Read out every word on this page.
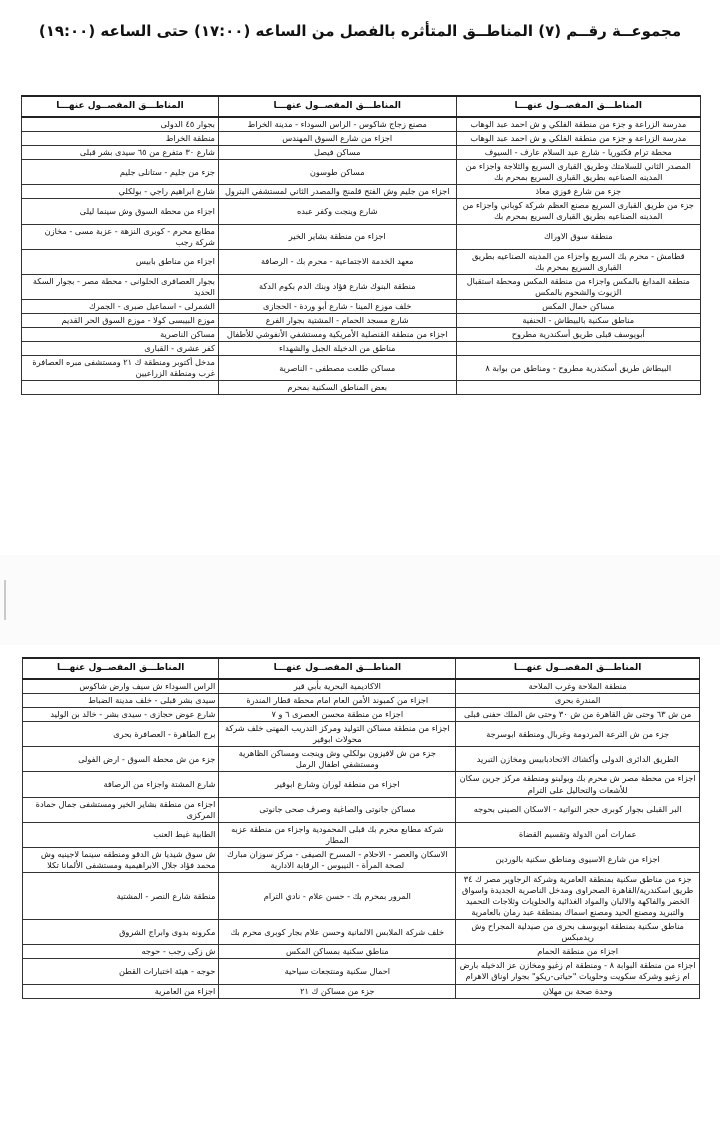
مجموعــة رقــم (٧) المناطــق المتأثره بالفصل من الساعه (١٧:٠٠) حتى الساعه (١٩:٠٠)
المناطـــق المفصــول عنهـــا	المناطـــق المفصــول عنهـــا	المناطـــق المفصــول عنهـــا
مدرسة الزراعة و جزء من منطقة الفلكي و ش احمد عبد الوهاب	مصنع زجاج شاكوس - الراس السوداء - مدينة الخراط	بجوار ٤٥ الدولى
مدرسة الزراعة و جزء من منطقة الفلكي و ش احمد عبد الوهاب	اجزاء من شارع السوق المهندس	منطقة الخراط
محطة ترام فكتوريا - شارع عبد السلام عارف - السيوف	مساكن فيصل	شارع ٣٠ متفرع من ٦٥ سيدى بشر قبلى
المصدر الثاني للسلامتك وطريق القبارى السريع والثلاجة واجزاء من المدينه الصناعيه بطريق القبارى السريع بمحرم بك	مساكن طوسون	جزء من جليم - ستانلى جليم
جزء من شارع فوزي معاذ	اجزاء من جليم وش الفتح قلمنج والمصدر الثاني لمستشفي البترول	شارع ابراهيم راجي - بولكلي
جزء من طريق القبارى السريع مصنع العظم شركة كوباني واجزاء من المدينه الصناعيه بطريق القبارى السريع بمحرم بك	شارع وينجت وكفر عبده	اجزاء من محطة السوق وش سينما ليلى
منطقة سوق الاوراك	اجزاء من منطقة بشاير الخير	مطابع محرم - كوبرى النزهة - عزبة مسى - مخازن شركة رجب
قطامش - محرم بك السريع واجزاء من المدينه الصناعيه بطريق القبارى السريع بمحرم بك	معهد الخدمة الاجتماعية - محرم بك - الرصافة	اجزاء من مناطق بابيس
منطقة المدابغ بالمكس واجزاء من منطقة المكس ومحطة استقبال الزيوت والشحوم بالمكس	منطقة البنوك شارع فؤاد وبنك الدم بكوم الدكة	بجوار العصافرى الحلوانى - محطة مصر - بجوار السكة الحديد
مساكن حمال المكس	خلف موزع المينا - شارع أبو وردة - الحجازى	الشمرلى - اسماعيل صبرى - الجمرك
مناطق سكنية بالبيطاش - الحنفية	شارع مسجد الحمام - المشتية بجوار الفرع	موزع البيبسى كولا - موزع السوق الحر القديم
أبويوسف قبلى طريق أسكندرية مطروح	اجزاء من منطقة القنصلية الأمريكية ومستشفي الأنفوشي للأطفال	مساكن الناصرية
	مناطق من الدخيلة الجبل والشهداء	كفر عشرى - القبارى
البيطاش طريق أسكندرية مطروح - ومناطق من بوابة ٨	مساكن طلعت مصطفى - الناصرية	مدخل أكتوبر ومنطقة ك ٢١ ومستشفى مبره العصافرة غرب ومنطقة الزراعيين
	بعض المناطق السكنية بمحرم	
المناطـــق المفصــول عنهـــا	المناطـــق المفصــول عنهـــا	المناطـــق المفصــول عنهـــا
منطقة الملاحة وغرب الملاحة	الاكاديمية البحرية بأبي قير	الراس السوداء ش سيف وارض شاكوس
المندرة بحرى	اجزاء من كمبوند الأمن العام امام محطة قطار المندرة	سيدى بشر قبلى - خلف مدينة الضباط
من ش ٦٣ وحتى ش القاهرة من ش ٣٠ وحتى ش الملك حفنى قبلى	اجزاء من منطقة محسن العصرى ٦ و ٧	شارع عوض حجازى - سيدى بشر - خالد بن الوليد
جزء من ش الترعة المردومة وغربال ومنطقة ابوسرجة	اجزاء من منطقة مساكن التوليد ومركز التدريب المهنى خلف شركة محولات ابوقير	برج الطاهرة - العصافرة بحرى
الطريق الدائرى الدولى وأكشاك الاتحادبابيس ومخازن التبريد	جزء من ش لافيزون بولكلي وش وينجت ومساكن الظاهرية ومستشفي اطفال الرمل	جزء من ش محطة السوق - ارض الفولى
اجزاء من محطة مصر ش محرم بك وبولبنو ومنطقة مركز جرين سكان للأشعات والتحاليل على الترام	اجزاء من منطقة لوران وشارع ابوقير	شارع المشتة واجزاء من الرصافة
البر القبلى بجوار كوبرى حجر النواتية - الاسكان الصينى بحوجه	مساكن جانوتى والصاغية وصرف صحى جانوتى	اجزاء من منطقة بشاير الخير ومستشفى جمال حمادة المركزى
عمارات أمن الدولة وتقسيم القضاة	شركة مطابع محرم بك قبلى المحمودية واجزاء من منطقة عزبه المطار	الطابية غيط العنب
اجزاء من شارع الاسيوى ومناطق سكنية بالوردين	الاسكان والعصر - الاحلام - المسرح الصيفى - مركز سوزان مبارك لصحة المرأة - النيبوس - الرقابة الادارية	ش سوق شيديا ش الدقو ومنطقه سينما لاجينيه وش محمد فؤاد جلال الابراهيمية ومستشفى الألمانا تكلا
جزء من مناطق سكنية بمنطقة العامرية وشركة الرجاوير مصر ك ٣٤ طريق اسكندرية/القاهرة الصحراوى ومدخل الناصرية الجديدة واسواق الخضر والفاكهة والالبان والمواد الغذائية والحلويات وثلاجات التحميد والتبريد ومصنع الحيد ومصنع اسماك بمنطقة عبد رمان بالعامرية	المرور بمحرم بك - حسن علام - نادي الترام	منطقة شارع النصر - المشتية
مناطق سكنية بمنطقة ابويوسف بحرى من صيدلية المجراح وش ريدمبكس	خلف شركة الملابس الالمانية وحسن علام بجار كوبرى محرم بك	مكرونه بدوى وابراج الشروق
اجزاء من منطقة الحمام	مناطق سكنية بمساكن المكس	ش زكى رجب - حوجه
اجزاء من منطقة البوابة ٨ - ومنطقة ام زغيو ومخازن عز الدخيله بارض ام زغيو وشركة سكويت وحلويات "حياتى-ريكو" بجوار اوناق الاهرام	احمال سكنية ومنتجعات سياحية	حوجه - هيئة اختبارات القطن
وحدة صحة بن مهلان	جزء من مساكن ك ٢١	اجزاء من العامرية
